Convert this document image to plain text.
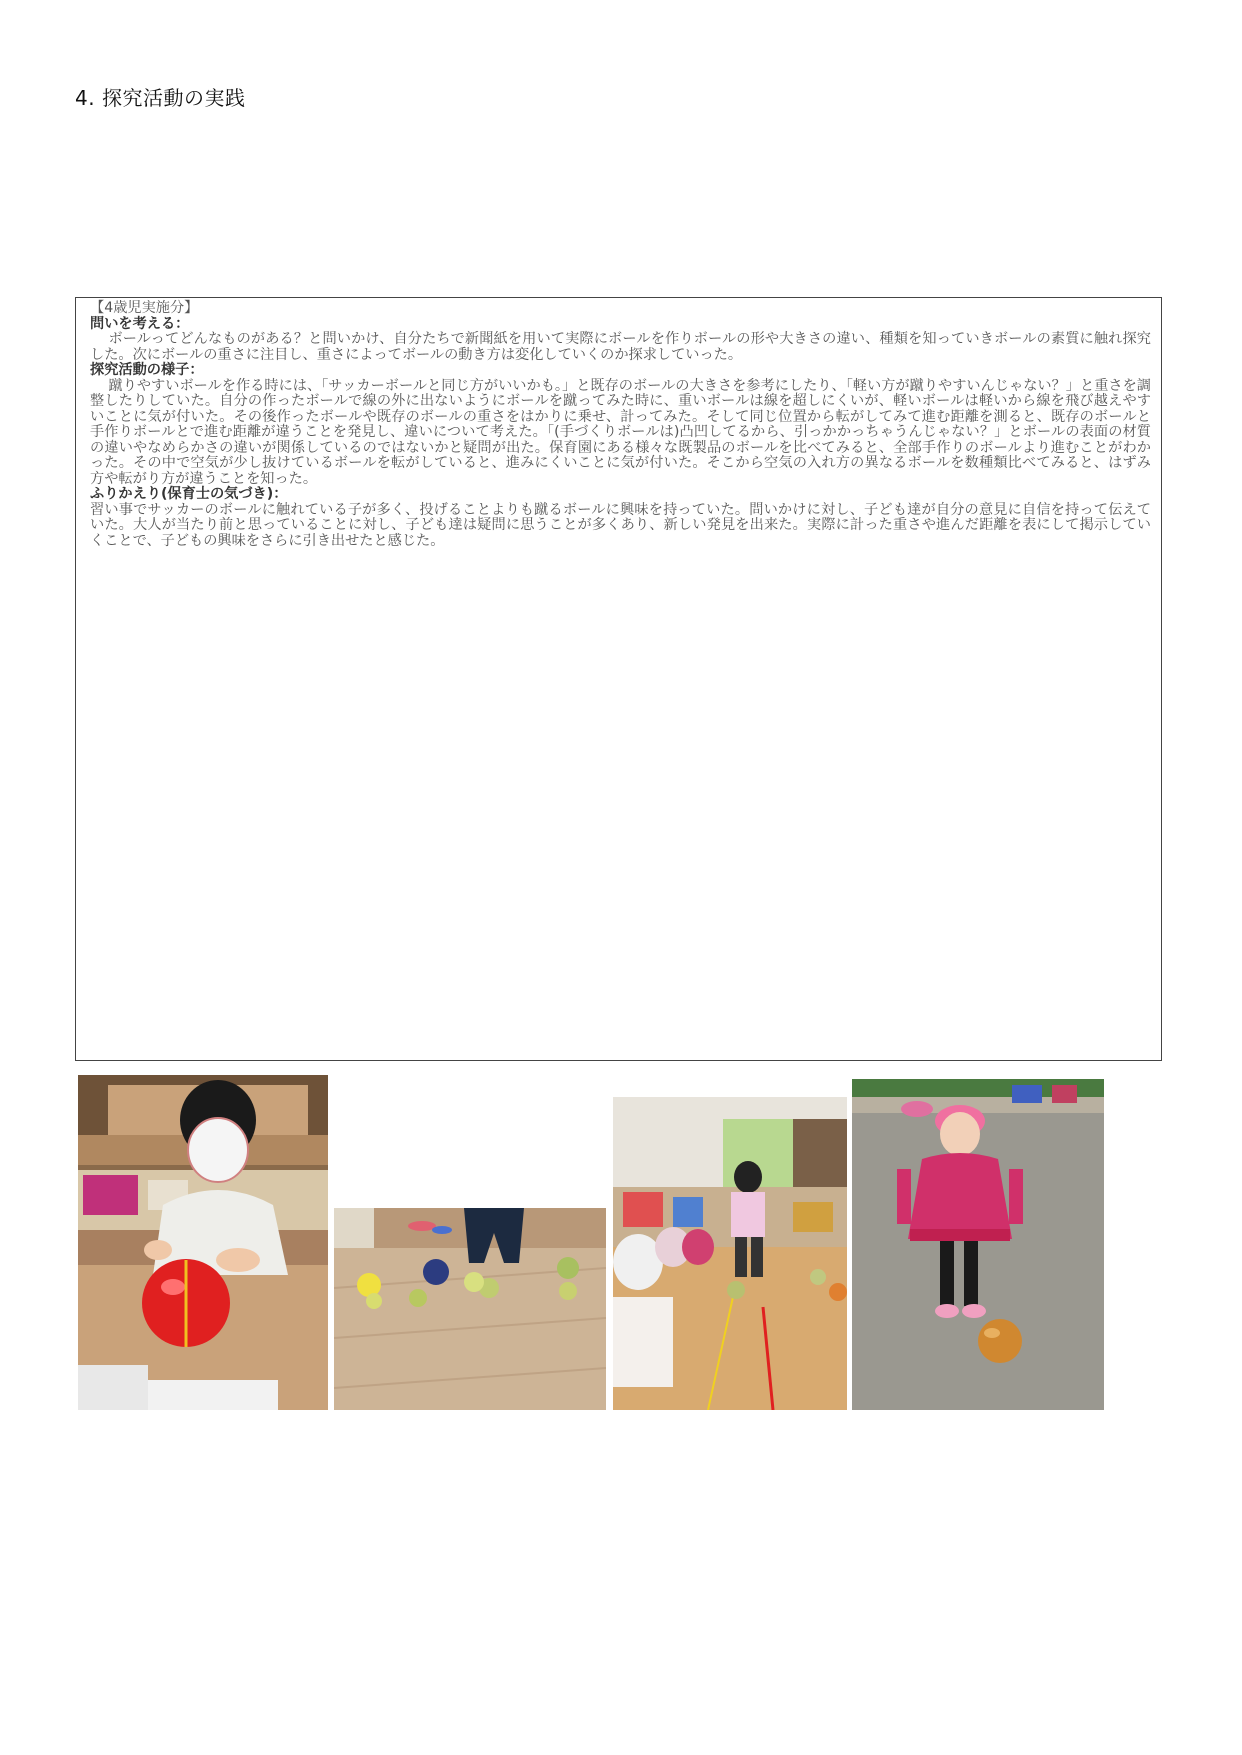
4. 探究活動の実践

【4歳児実施分】

問いを考える：

ボールってどんなものがある？と問いかけ、自分たちで新聞紙を用いて実際にボールを作りボールの形や大きさの違い、種類を知っていきボールの素質に触れ探究した。次にボールの重さに注目し、重さによってボールの動き方は変化していくのか探求していった。

探究活動の様子：

蹴りやすいボールを作る時には、「サッカーボールと同じ方がいいかも。」と既存のボールの大きさを参考にしたり、「軽い方が蹴りやすいんじゃない？」と重さを調整したりしていた。自分の作ったボールで線の外に出ないようにボールを蹴ってみた時に、重いボールは線を超しにくいが、軽いボールは軽いから線を飛び越えやすいことに気が付いた。その後作ったボールや既存のボールの重さをはかりに乗せ、計ってみた。そして同じ位置から転がしてみて進む距離を測ると、既存のボールと手作りボールとで進む距離が違うことを発見し、違いについて考えた。「(手づくりボールは)凸凹してるから、引っかかっちゃうんじゃない？」とボールの表面の材質の違いやなめらかさの違いが関係しているのではないかと疑問が出た。保育園にある様々な既製品のボールを比べてみると、全部手作りのボールより進むことがわかった。その中で空気が少し抜けているボールを転がしていると、進みにくいことに気が付いた。そこから空気の入れ方の異なるボールを数種類比べてみると、はずみ方や転がり方が違うことを知った。

ふりかえり(保育士の気づき)：

習い事でサッカーのボールに触れている子が多く、投げることよりも蹴るボールに興味を持っていた。問いかけに対し、子ども達が自分の意見に自信を持って伝えていた。大人が当たり前と思っていることに対し、子ども達は疑問に思うことが多くあり、新しい発見を出来た。実際に計った重さや進んだ距離を表にして掲示していくことで、子どもの興味をさらに引き出せたと感じた。
